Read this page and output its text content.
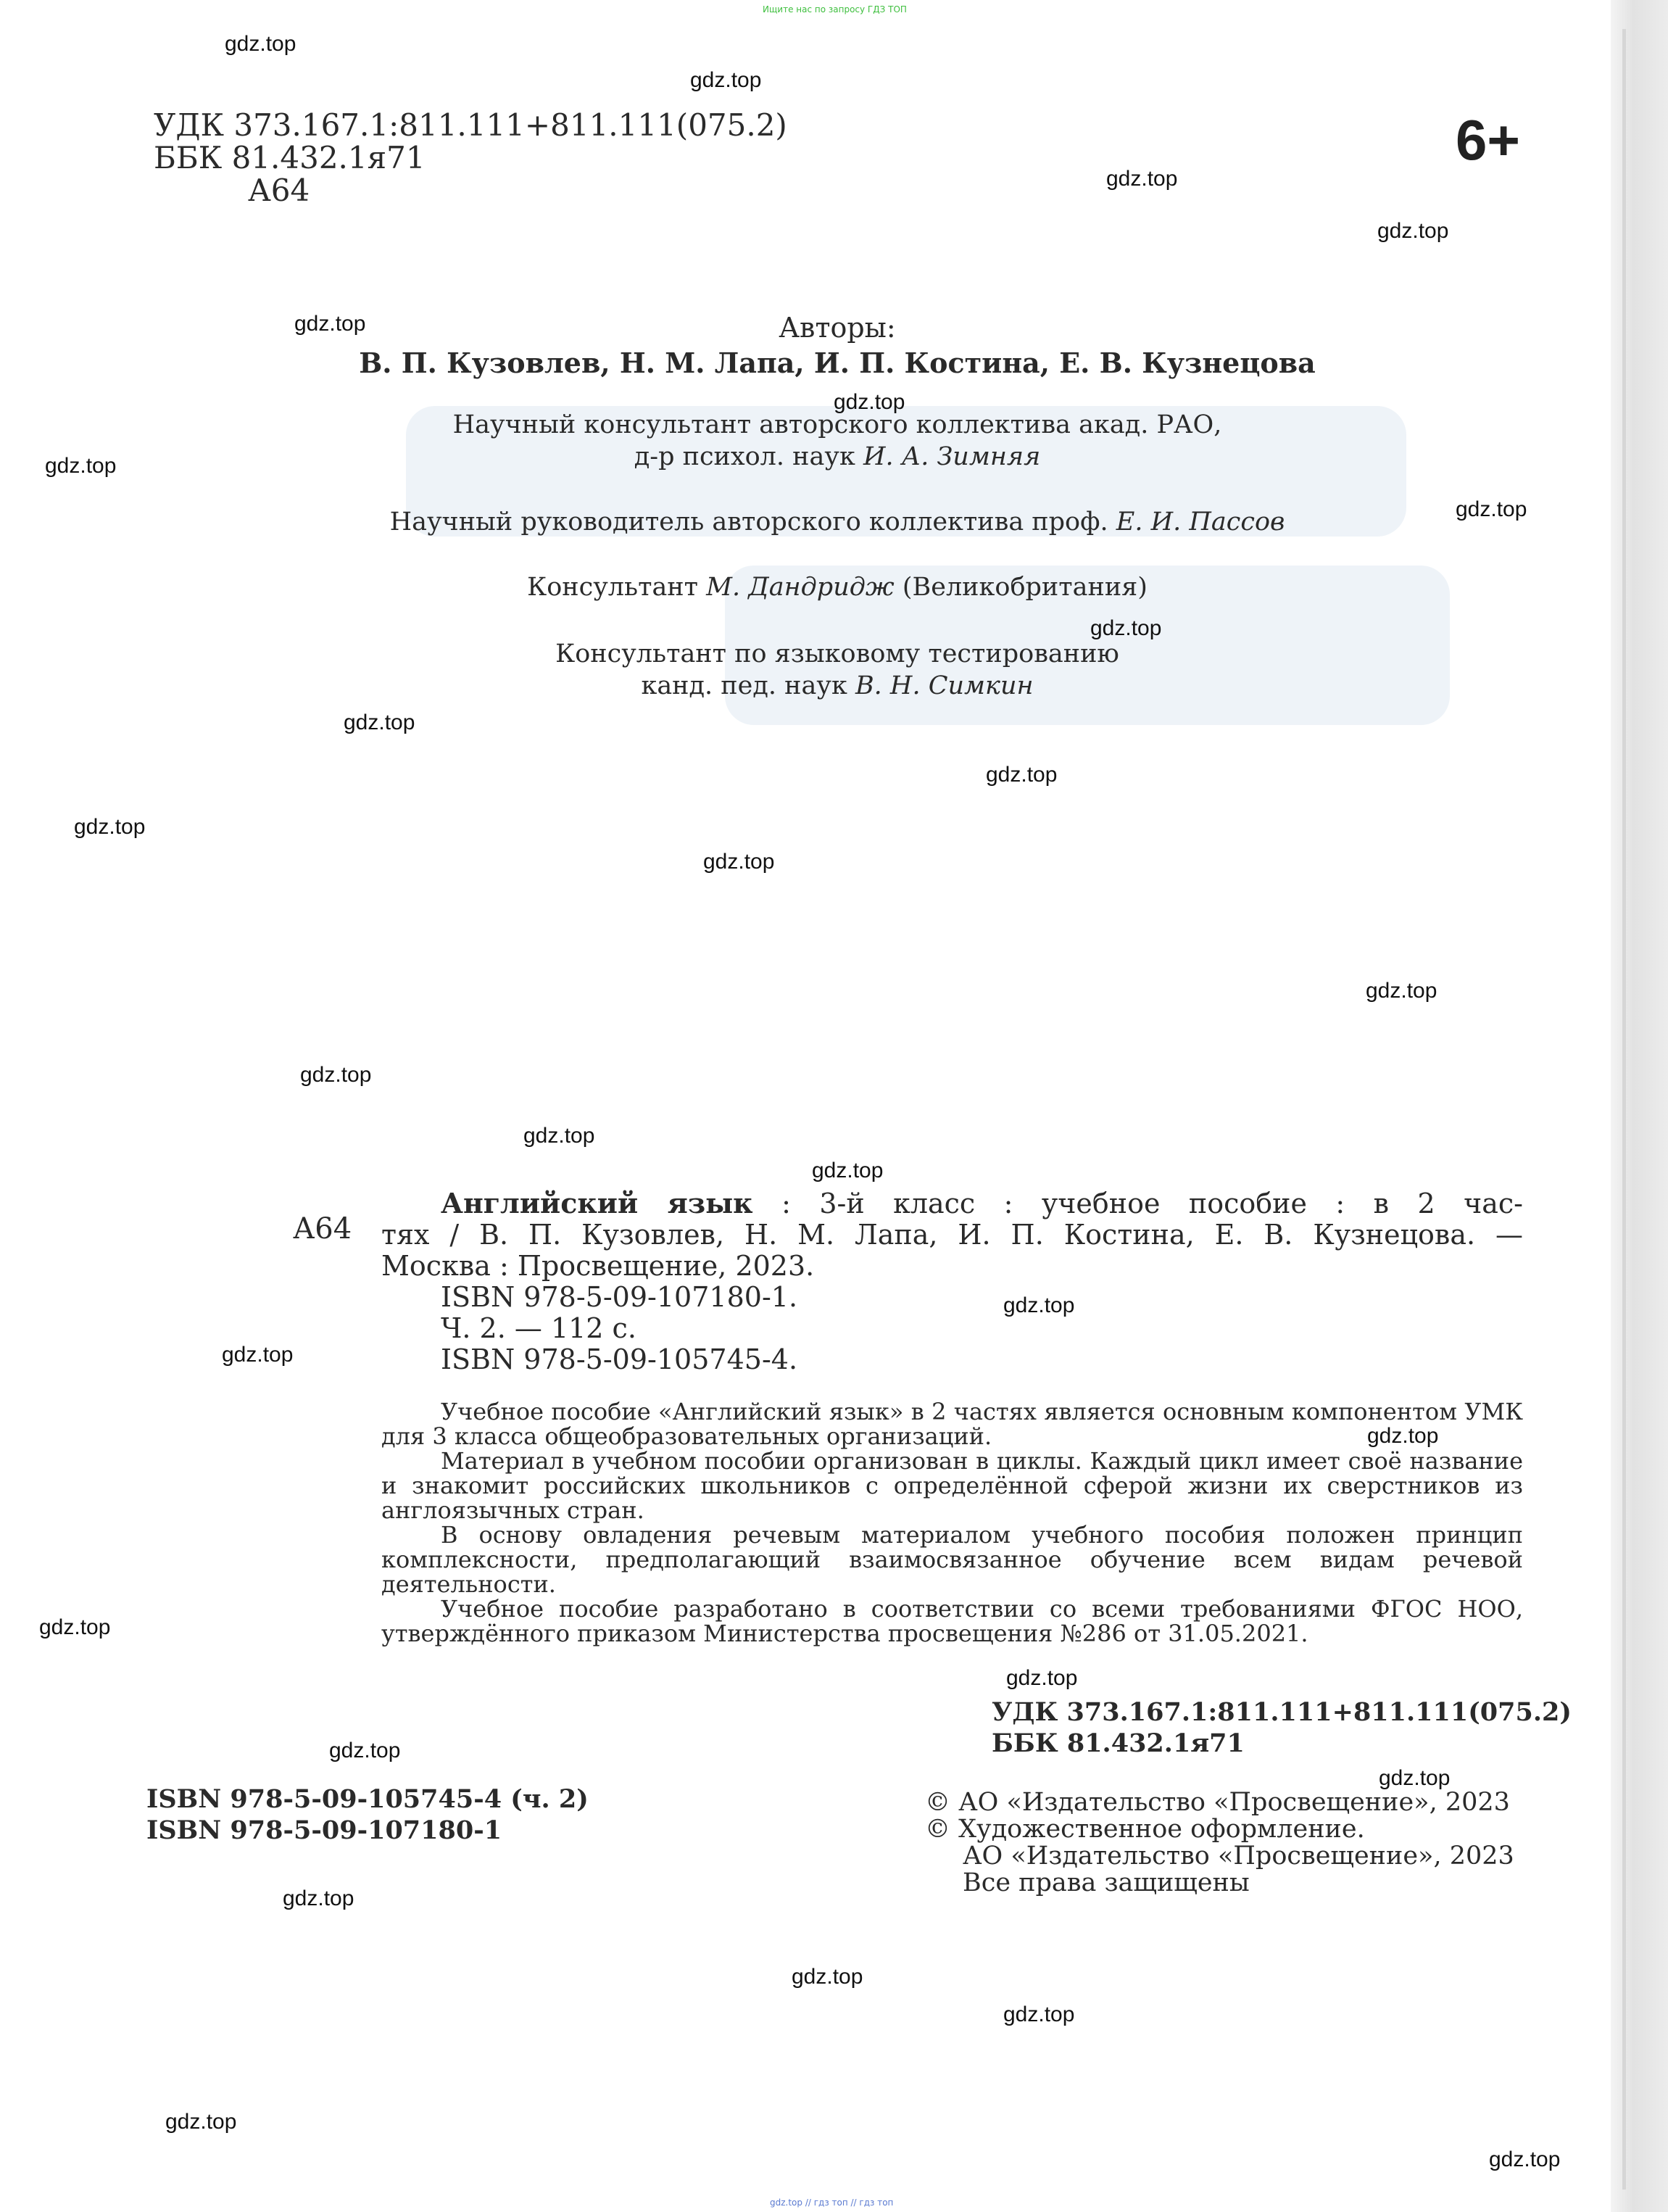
Ищите нас по запросу ГДЗ ТОП
gdz.top // гдз топ // гдз топ
УДК 373.167.1:811.111+811.111(075.2)
ББК 81.432.1я71
А64
6+
Авторы:
В. П. Кузовлев, Н. М. Лапа, И. П. Костина, Е. В. Кузнецова
Научный консультант авторского коллектива акад. РАО,
д-р психол. наук И. А. Зимняя
Научный руководитель авторского коллектива проф. Е. И. Пассов
Консультант М. Дандридж (Великобритания)
Консультант по языковому тестированию
канд. пед. наук В. Н. Симкин
А64
Английский язык : 3-й класс : учебное пособие : в 2 час-
тях / В. П. Кузовлев, Н. М. Лапа, И. П. Костина, Е. В. Кузнецова. —
Москва : Просвещение, 2023.
ISBN 978-5-09-107180-1.
Ч. 2. — 112 с.
ISBN 978-5-09-105745-4.

Учебное пособие «Английский язык» в 2 частях является основным компонентом УМК для 3 класса общеобразовательных организаций.

Материал в учебном пособии организован в циклы. Каждый цикл имеет своё название и знакомит российских школьников с определённой сферой жизни их сверстников из англоязычных стран.

В основу овладения речевым материалом учебного пособия положен принцип комплексности, предполагающий взаимосвязанное обучение всем видам речевой деятельности.

Учебное пособие разработано в соответствии со всеми требованиями ФГОС НОО, утверждённого приказом Министерства просвещения №286 от 31.05.2021.

УДК 373.167.1:811.111+811.111(075.2)
ББК 81.432.1я71
ISBN 978-5-09-105745-4 (ч. 2)
ISBN 978-5-09-107180-1
© АО «Издательство «Просвещение», 2023
© Художественное оформление.
АО «Издательство «Просвещение», 2023
Все права защищены
gdz.top
gdz.top
gdz.top
gdz.top
gdz.top
gdz.top
gdz.top
gdz.top
gdz.top
gdz.top
gdz.top
gdz.top
gdz.top
gdz.top
gdz.top
gdz.top
gdz.top
gdz.top
gdz.top
gdz.top
gdz.top
gdz.top
gdz.top
gdz.top
gdz.top
gdz.top
gdz.top
gdz.top
gdz.top
